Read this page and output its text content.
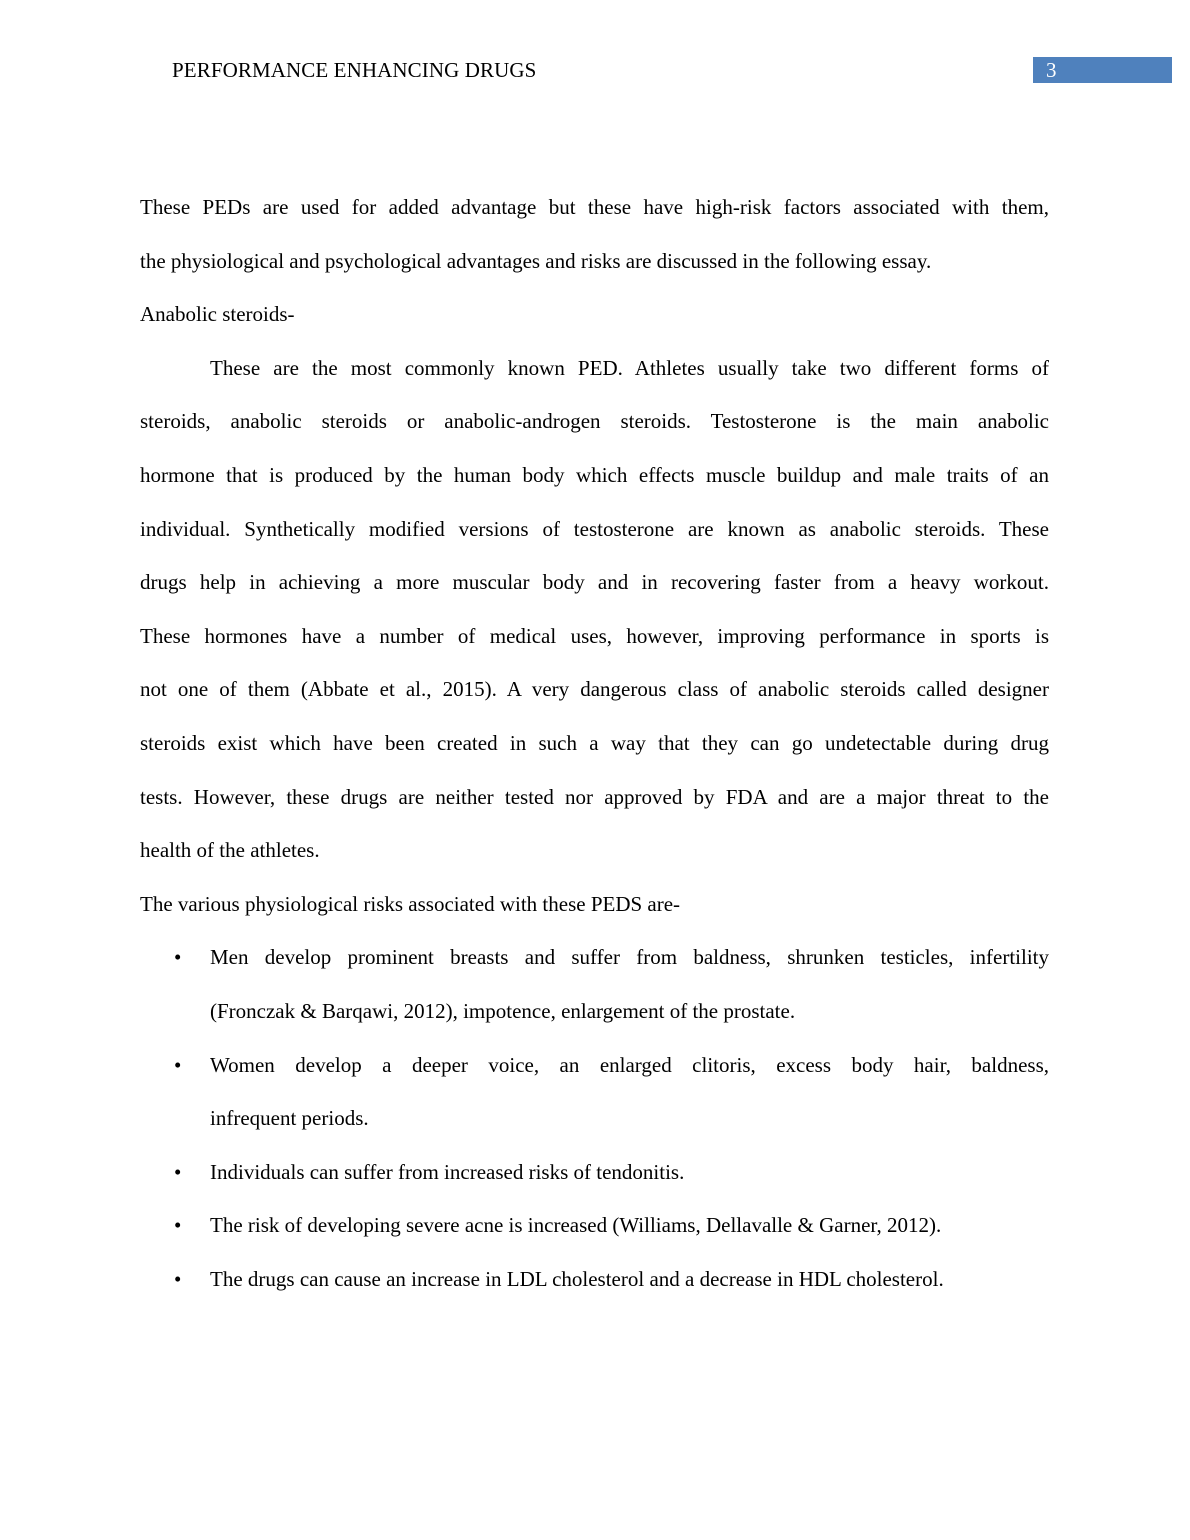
PERFORMANCE ENHANCING DRUGS	3
These PEDs are used for added advantage but these have high-risk factors associated with them,
the physiological and psychological advantages and risks are discussed in the following essay.
Anabolic steroids-
These are the most commonly known PED. Athletes usually take two different forms of
steroids, anabolic steroids or anabolic-androgen steroids. Testosterone is the main anabolic
hormone that is produced by the human body which effects muscle buildup and male traits of an
individual. Synthetically modified versions of testosterone are known as anabolic steroids. These
drugs help in achieving a more muscular body and in recovering faster from a heavy workout.
These hormones have a number of medical uses, however, improving performance in sports is
not one of them (Abbate et al., 2015). A very dangerous class of anabolic steroids called designer
steroids exist which have been created in such a way that they can go undetectable during drug
tests. However, these drugs are neither tested nor approved by FDA and are a major threat to the
health of the athletes.
The various physiological risks associated with these PEDS are-
• Men develop prominent breasts and suffer from baldness, shrunken testicles, infertility
(Fronczak & Barqawi, 2012), impotence, enlargement of the prostate.
• Women develop a deeper voice, an enlarged clitoris, excess body hair, baldness,
infrequent periods.
• Individuals can suffer from increased risks of tendonitis.
• The risk of developing severe acne is increased (Williams, Dellavalle & Garner, 2012).
• The drugs can cause an increase in LDL cholesterol and a decrease in HDL cholesterol.
